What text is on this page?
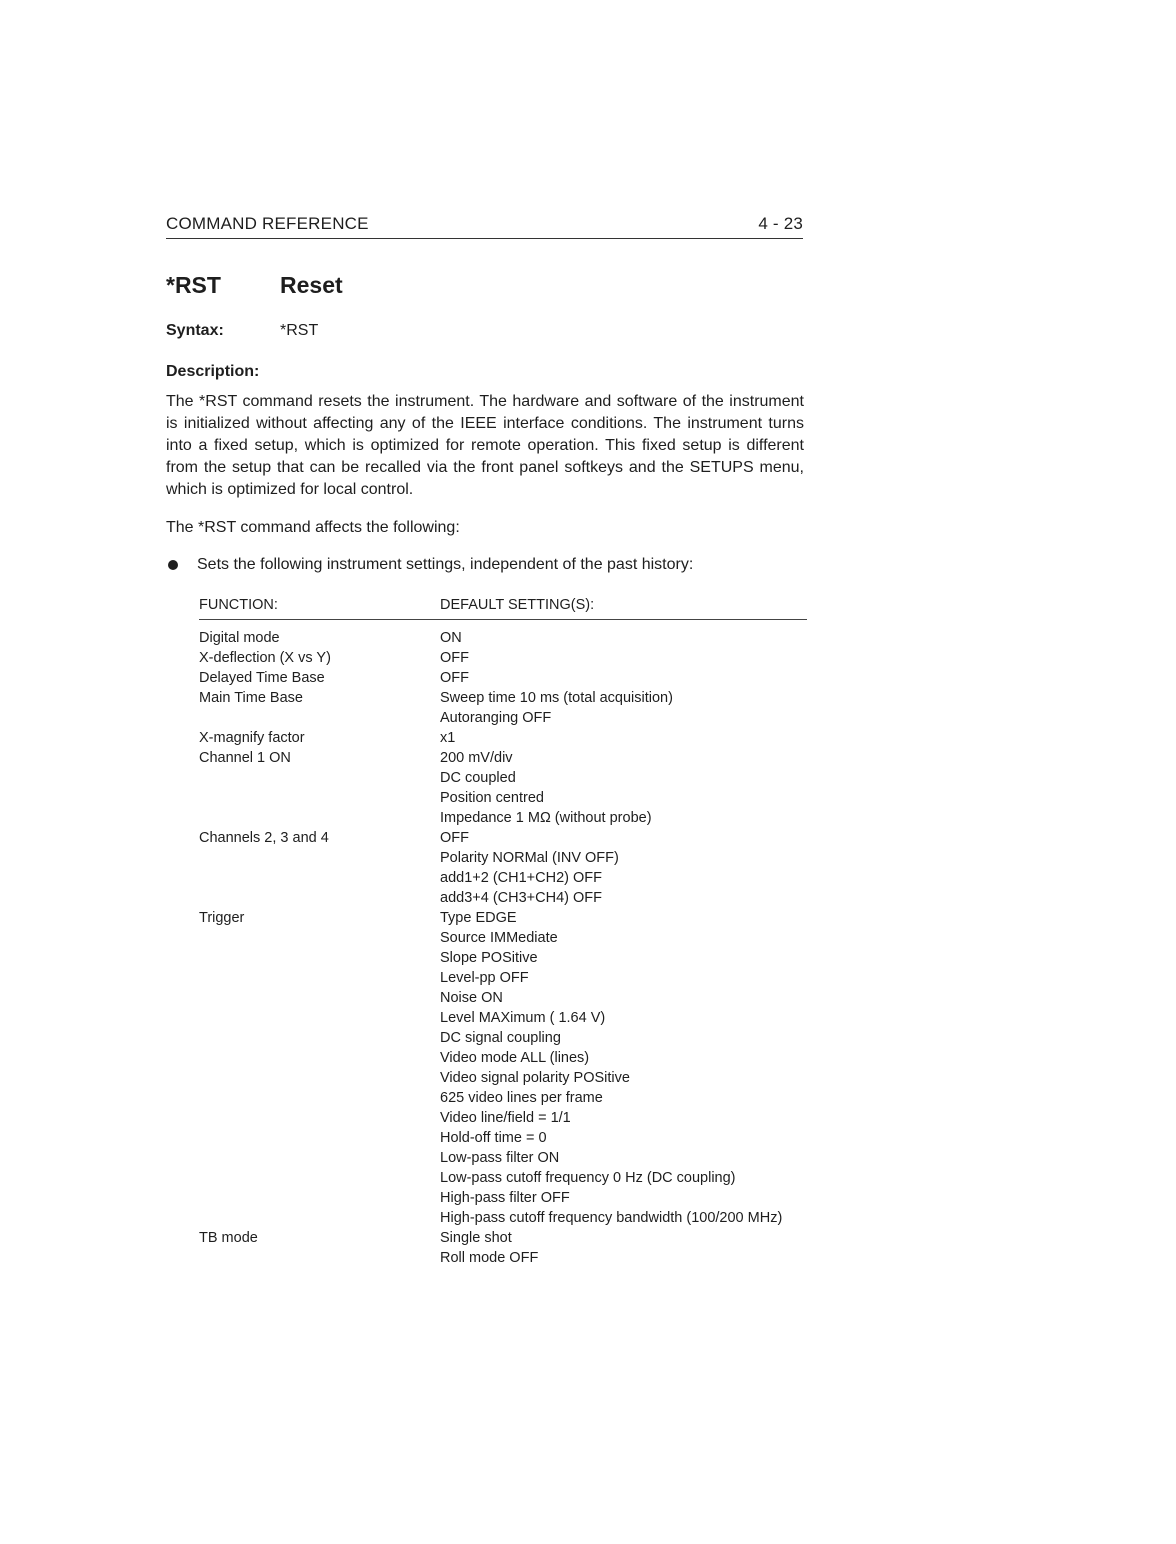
COMMAND REFERENCE	4 - 23
*RST	Reset
Syntax:	*RST
Description:

The *RST command resets the instrument. The hardware and software of the instrument is initialized without affecting any of the IEEE interface conditions. The instrument turns into a fixed setup, which is optimized for remote operation. This fixed setup is different from the setup that can be recalled via the front panel softkeys and the SETUPS menu, which is optimized for local control.

The *RST command affects the following:
Sets the following instrument settings, independent of the past history:
FUNCTION:	DEFAULT SETTING(S):
Digital mode	ON
X-deflection (X vs Y)	OFF
Delayed Time Base	OFF
Main Time Base	Sweep time 10 ms (total acquisition)
Autoranging OFF
X-magnify factor	x1
Channel 1 ON	200 mV/div
DC coupled
Position centred
Impedance 1 MΩ (without probe)
Channels 2, 3 and 4	OFF
Polarity NORMal (INV OFF)
add1+2 (CH1+CH2) OFF
add3+4 (CH3+CH4) OFF
Trigger	Type EDGE
Source IMMediate
Slope POSitive
Level-pp OFF
Noise ON
Level MAXimum ( 1.64 V)
DC signal coupling
Video mode ALL (lines)
Video signal polarity POSitive
625 video lines per frame
Video line/field = 1/1
Hold-off time = 0
Low-pass filter ON
Low-pass cutoff frequency 0 Hz (DC coupling)
High-pass filter OFF
High-pass cutoff frequency bandwidth (100/200 MHz)
TB mode	Single shot
Roll mode OFF
